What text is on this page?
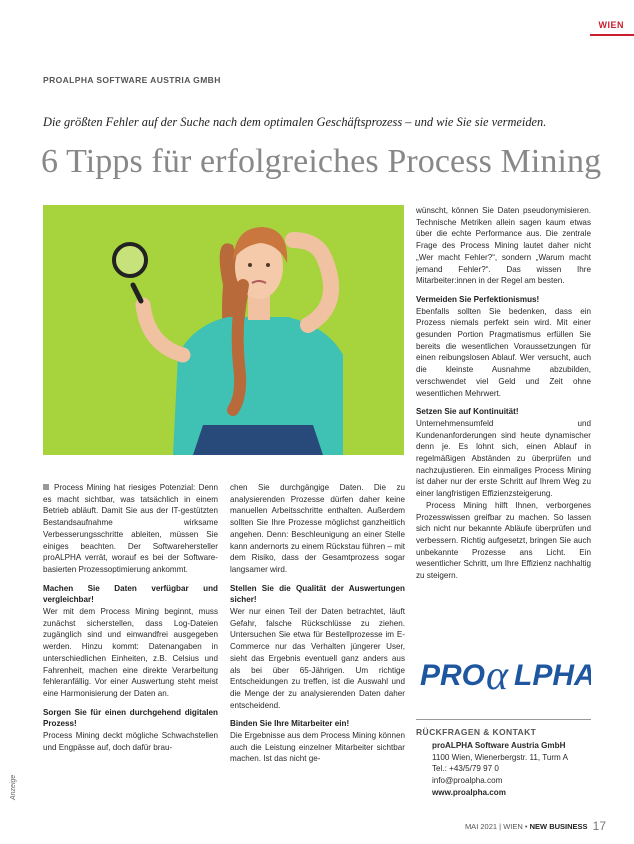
WIEN
PROALPHA SOFTWARE AUSTRIA GMBH
Die größten Fehler auf der Suche nach dem optimalen Geschäftsprozess – und wie Sie sie vermeiden.
6 Tipps für erfolgreiches Process Mining

Process Mining hat riesiges Potenzial: Denn es macht sichtbar, was tatsächlich in einem Betrieb abläuft. Damit Sie aus der IT-gestützten Bestandsaufnahme wirksame Verbesserungsschritte ableiten, müssen Sie einiges beachten. Der Softwarehersteller proALPHA verrät, worauf es bei der Software-basierten Prozessoptimierung ankommt.

Machen Sie Daten verfügbar und vergleichbar!

Wer mit dem Process Mining beginnt, muss zunächst sicherstellen, dass Log-Dateien zugänglich sind und einwandfrei ausgegeben werden. Hinzu kommt: Datenangaben in unterschiedlichen Einheiten, z.B. Celsius und Fahrenheit, machen eine direkte Verarbeitung fehleranfällig. Vor einer Auswertung steht meist eine Harmonisierung der Daten an.

Sorgen Sie für einen durchgehend digitalen Prozess!

Process Mining deckt mögliche Schwachstellen und Engpässe auf, doch dafür brau-

chen Sie durchgängige Daten. Die zu analysierenden Prozesse dürfen daher keine manuellen Arbeitsschritte enthalten. Außerdem sollten Sie Ihre Prozesse möglichst ganzheitlich angehen. Denn: Beschleunigung an einer Stelle kann andernorts zu einem Rückstau führen – mit dem Risiko, dass der Gesamtprozess sogar langsamer wird.

Stellen Sie die Qualität der Auswertungen sicher!

Wer nur einen Teil der Daten betrachtet, läuft Gefahr, falsche Rückschlüsse zu ziehen. Untersuchen Sie etwa für Bestellprozesse im E-Commerce nur das Verhalten jüngerer User, sieht das Ergebnis eventuell ganz anders aus als bei über 65-Jährigen. Um richtige Entscheidungen zu treffen, ist die Auswahl und die Menge der zu analysierenden Daten daher entscheidend.

Binden Sie Ihre Mitarbeiter ein!

Die Ergebnisse aus dem Process Mining können auch die Leistung einzelner Mitarbeiter sichtbar machen. Ist das nicht ge-

wünscht, können Sie Daten pseudonymisieren. Technische Metriken allein sagen kaum etwas über die echte Performance aus. Die zentrale Frage des Process Mining lautet daher nicht „Wer macht Fehler?“, sondern „Warum macht jemand Fehler?“. Das wissen Ihre Mitarbeiter:innen in der Regel am besten.

Vermeiden Sie Perfektionismus!

Ebenfalls sollten Sie bedenken, dass ein Prozess niemals perfekt sein wird. Mit einer gesunden Portion Pragmatismus erfüllen Sie bereits die wesentlichen Voraussetzungen für einen reibungslosen Ablauf. Wer versucht, auch die kleinste Ausnahme abzubilden, verschwendet viel Geld und Zeit ohne wesentlichen Mehrwert.

Setzen Sie auf Kontinuität!

Unternehmensumfeld und Kundenanforderungen sind heute dynamischer denn je. Es lohnt sich, einen Ablauf in regelmäßigen Abständen zu überprüfen und nachzujustieren. Ein einmaliges Process Mining ist daher nur der erste Schritt auf Ihrem Weg zu einer langfristigen Effizienzsteigerung.

Process Mining hilft Ihnen, verborgenes Prozesswissen greifbar zu machen. So lassen sich nicht nur bekannte Abläufe überprüfen und verbessern. Richtig aufgesetzt, bringen Sie auch unbekannte Prozesse ans Licht. Ein wesentlicher Schritt, um Ihre Effizienz nachhaltig zu steigern.

PRO α LPHA
RÜCKFRAGEN & KONTAKT
proALPHA Software Austria GmbH
1100 Wien, Wienerbergstr. 11, Turm A
Tel.: +43/5/79 97 0
info@proalpha.com
www.proalpha.com
Anzeige
MAI 2021 | WIEN • NEW BUSINESS 17
